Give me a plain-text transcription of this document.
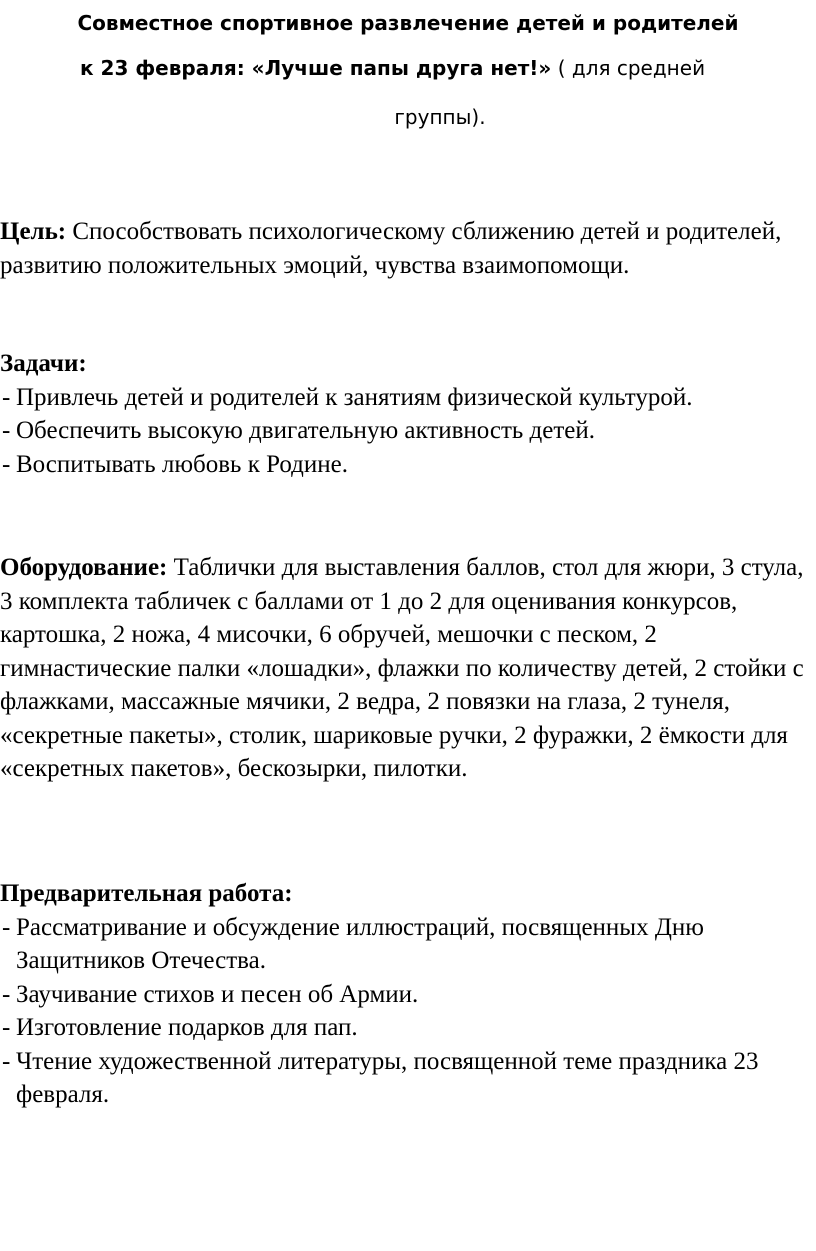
Совместное спортивное развлечение детей и родителей
к 23 февраля: «Лучше папы друга нет!» ( для средней
группы).

Цель: Способствовать психологическому сближению детей и родителей, развитию положительных эмоций, чувства взаимопомощи.

Задачи:

- Привлечь детей и родителей к занятиям физической культурой.
- Обеспечить высокую двигательную активность детей.
- Воспитывать любовь к Родине.

Оборудование: Таблички для выставления баллов, стол для жюри, 3 стула, 3 комплекта табличек с баллами от 1 до 2 для оценивания конкурсов, картошка, 2 ножа, 4 мисочки, 6 обручей, мешочки с песком, 2 гимнастические палки «лошадки», флажки по количеству детей, 2 стойки с флажками, массажные мячики, 2 ведра, 2 повязки на глаза, 2 тунеля, «секретные пакеты», столик, шариковые ручки, 2 фуражки, 2 ёмкости для «секретных пакетов», бескозырки, пилотки.

Предварительная работа:

- Рассматривание и обсуждение иллюстраций, посвященных Дню Защитников Отечества.
- Заучивание стихов и песен об Армии.
- Изготовление подарков для пап.
- Чтение художественной литературы, посвященной теме праздника 23 февраля.
